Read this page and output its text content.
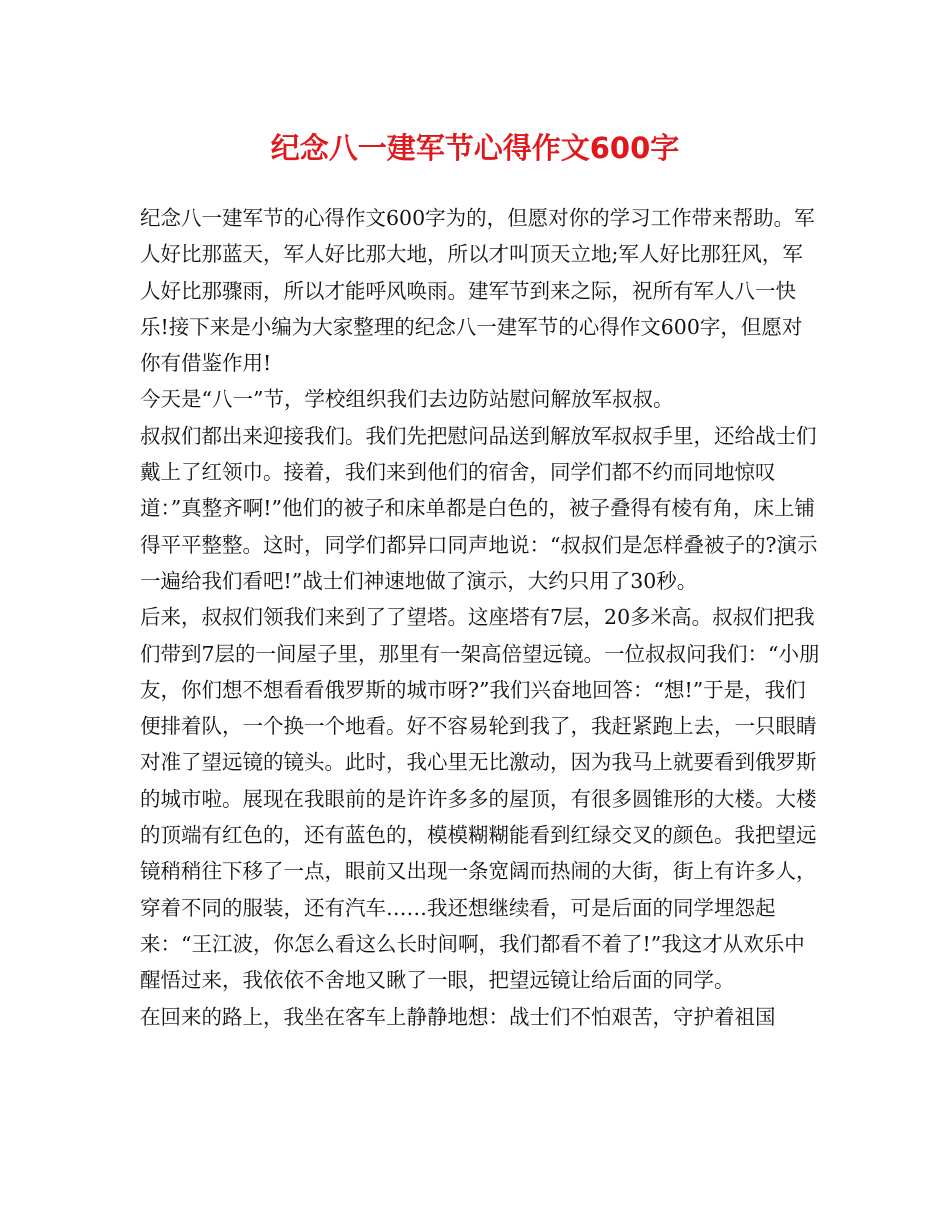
纪念八一建军节心得作文600字

纪念八一建军节的心得作文600字为的，但愿对你的学习工作带来帮助。军人好比那蓝天，军人好比那大地，所以才叫顶天立地;军人好比那狂风，军人好比那骤雨，所以才能呼风唤雨。建军节到来之际，祝所有军人八一快乐!接下来是小编为大家整理的纪念八一建军节的心得作文600字，但愿对你有借鉴作用!

今天是“八一”节，学校组织我们去边防站慰问解放军叔叔。

叔叔们都出来迎接我们。我们先把慰问品送到解放军叔叔手里，还给战士们戴上了红领巾。接着，我们来到他们的宿舍，同学们都不约而同地惊叹道：”真整齐啊!”他们的被子和床单都是白色的，被子叠得有棱有角，床上铺得平平整整。这时，同学们都异口同声地说：“叔叔们是怎样叠被子的?演示一遍给我们看吧!”战士们神速地做了演示，大约只用了30秒。

后来，叔叔们领我们来到了了望塔。这座塔有7层，20多米高。叔叔们把我们带到7层的一间屋子里，那里有一架高倍望远镜。一位叔叔问我们：“小朋友，你们想不想看看俄罗斯的城市呀?”我们兴奋地回答：“想!”于是，我们便排着队，一个换一个地看。好不容易轮到我了，我赶紧跑上去，一只眼睛对准了望远镜的镜头。此时，我心里无比激动，因为我马上就要看到俄罗斯的城市啦。展现在我眼前的是许许多多的屋顶，有很多圆锥形的大楼。大楼的顶端有红色的，还有蓝色的，模模糊糊能看到红绿交叉的颜色。我把望远镜稍稍往下移了一点，眼前又出现一条宽阔而热闹的大街，街上有许多人，穿着不同的服装，还有汽车……我还想继续看，可是后面的同学埋怨起来：“王江波，你怎么看这么长时间啊，我们都看不着了!”我这才从欢乐中醒悟过来，我依依不舍地又瞅了一眼，把望远镜让给后面的同学。

在回来的路上，我坐在客车上静静地想：战士们不怕艰苦，守护着祖国
